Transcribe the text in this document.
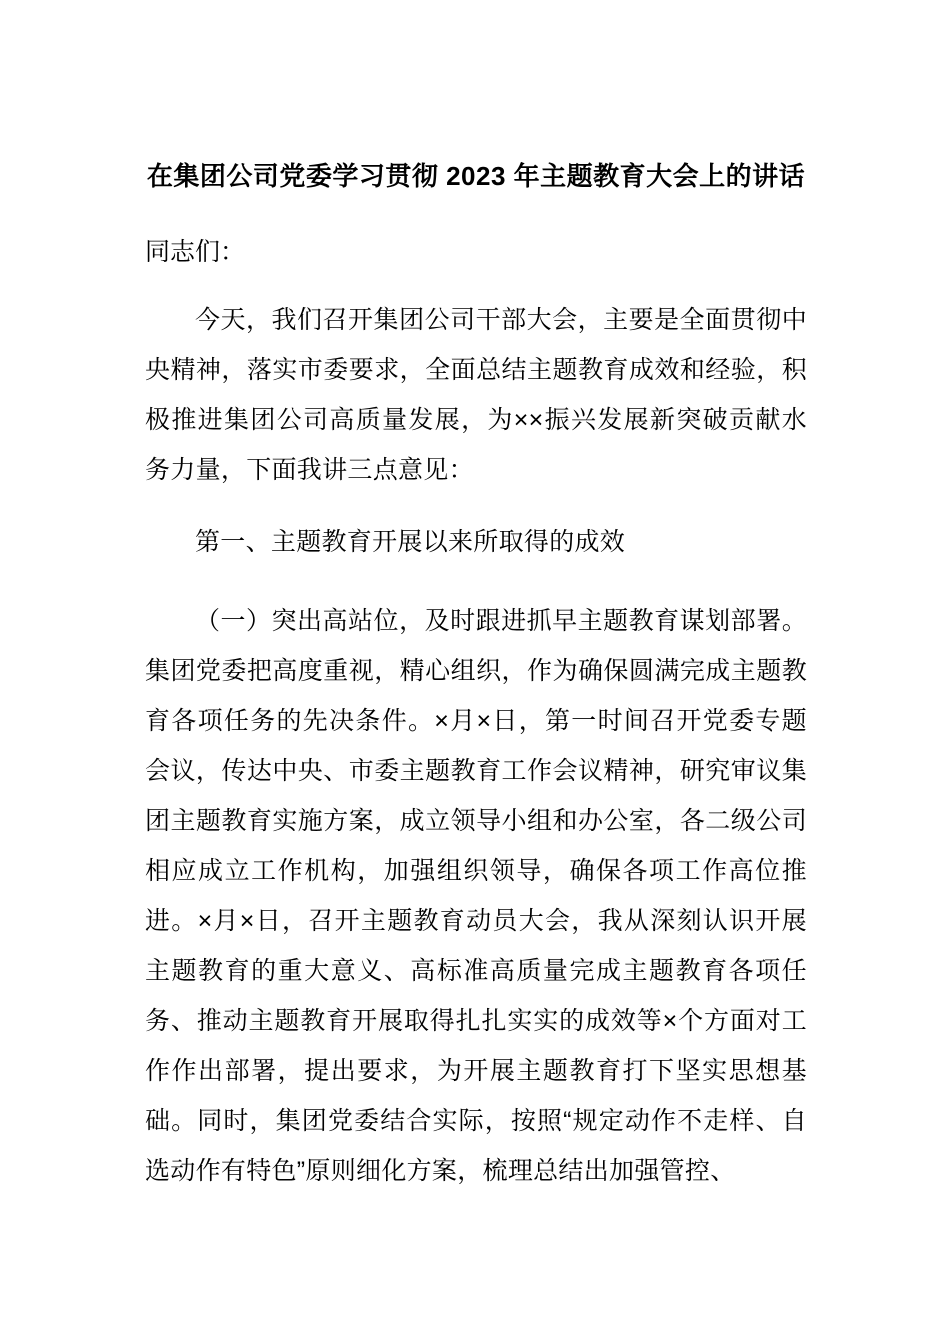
在集团公司党委学习贯彻 2023 年主题教育大会上的讲话

同志们：

今天，我们召开集团公司干部大会，主要是全面贯彻中央精神，落实市委要求，全面总结主题教育成效和经验，积极推进集团公司高质量发展，为××振兴发展新突破贡献水务力量，下面我讲三点意见：

第一、主题教育开展以来所取得的成效

（一）突出高站位，及时跟进抓早主题教育谋划部署。集团党委把高度重视，精心组织，作为确保圆满完成主题教育各项任务的先决条件。×月×日，第一时间召开党委专题会议，传达中央、市委主题教育工作会议精神，研究审议集团主题教育实施方案，成立领导小组和办公室，各二级公司相应成立工作机构，加强组织领导，确保各项工作高位推进。×月×日，召开主题教育动员大会，我从深刻认识开展主题教育的重大意义、高标准高质量完成主题教育各项任务、推动主题教育开展取得扎扎实实的成效等×个方面对工作作出部署，提出要求，为开展主题教育打下坚实思想基础。同时，集团党委结合实际，按照“规定动作不走样、自选动作有特色”原则细化方案，梳理总结出加强管控、
